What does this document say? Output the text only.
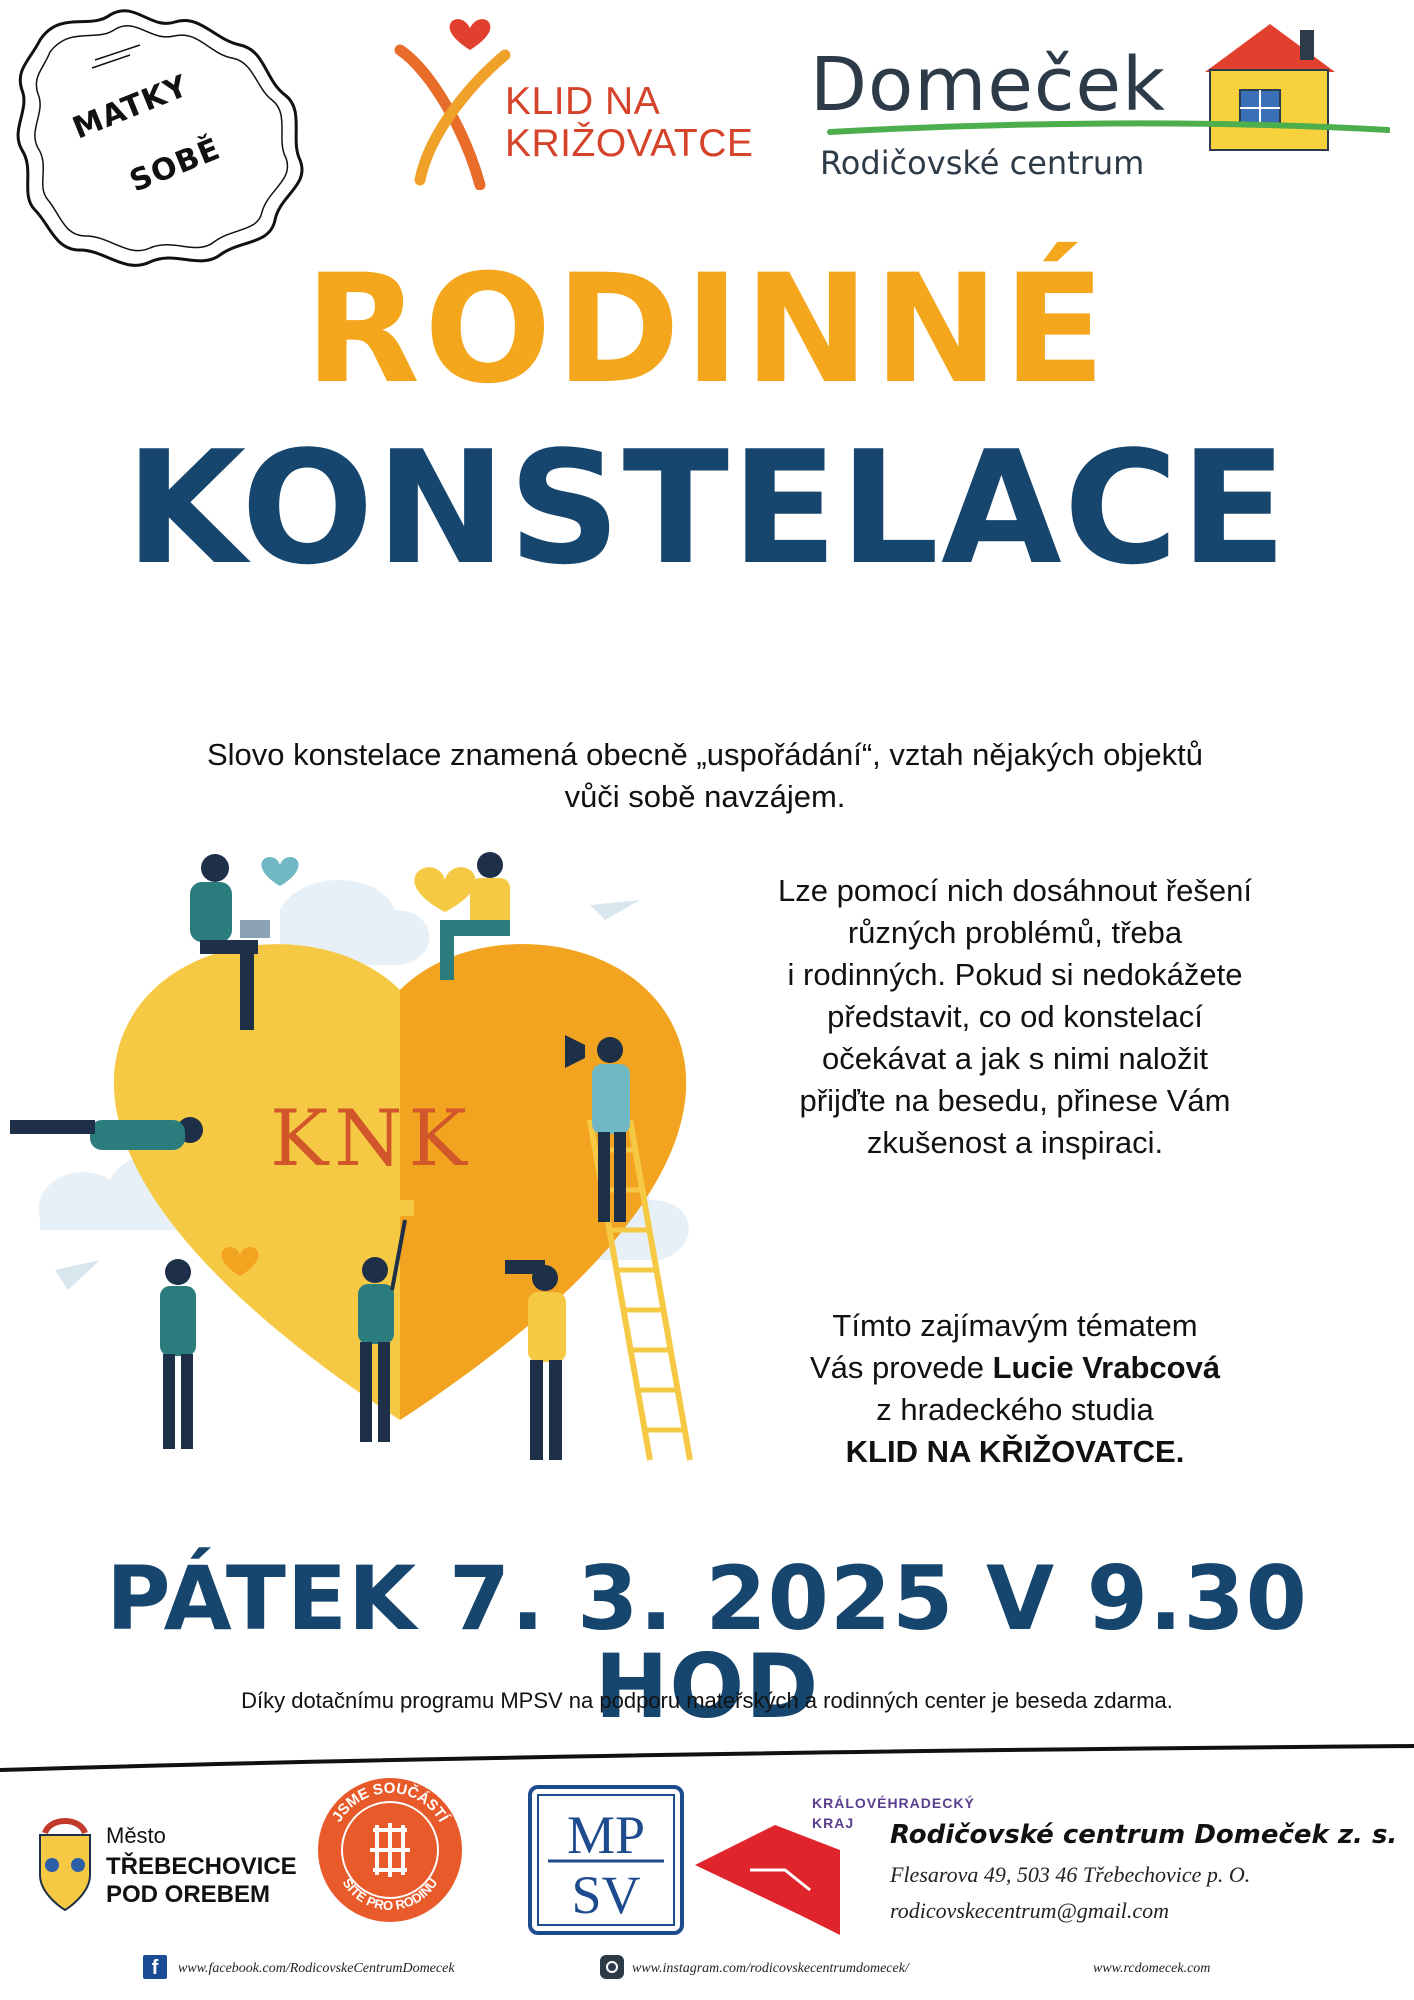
MATKY
SOBĚ
KLID NA
KRIŽOVATCE
Domeček
Rodičovské centrum
RODINNÉ
KONSTELACE
Slovo konstelace znamená obecně „uspořádání“, vztah nějakých objektů
vůči sobě navzájem.
KNK
Lze pomocí nich dosáhnout řešení
různých problémů, třeba
i rodinných. Pokud si nedokážete
představit, co od konstelací
očekávat a jak s nimi naložit
přijďte na besedu, přinese Vám
zkušenost a inspiraci.
Tímto zajímavým tématem
Vás provede Lucie Vrabcová
z hradeckého studia
KLID NA KŘIŽOVATCE.
PÁTEK 7. 3. 2025 V 9.30 HOD
Díky dotačnímu programu MPSV na podporu mateřských a rodinných center je beseda zdarma.
Město
TŘEBECHOVICE
POD OREBEM
JSME SOUČÁSTÍ
SÍTĚ PRO RODINU
MP
SV
KRÁLOVÉHRADECKÝ
KRAJ Rodičovské centrum Domeček z. s.
Flesarova 49, 503 46 Třebechovice p. O.
rodicovskecentrum@gmail.com
f	www.facebook.com/RodicovskeCentrumDomecek	www.instagram.com/rodicovskecentrumdomecek/	www.rcdomecek.com
